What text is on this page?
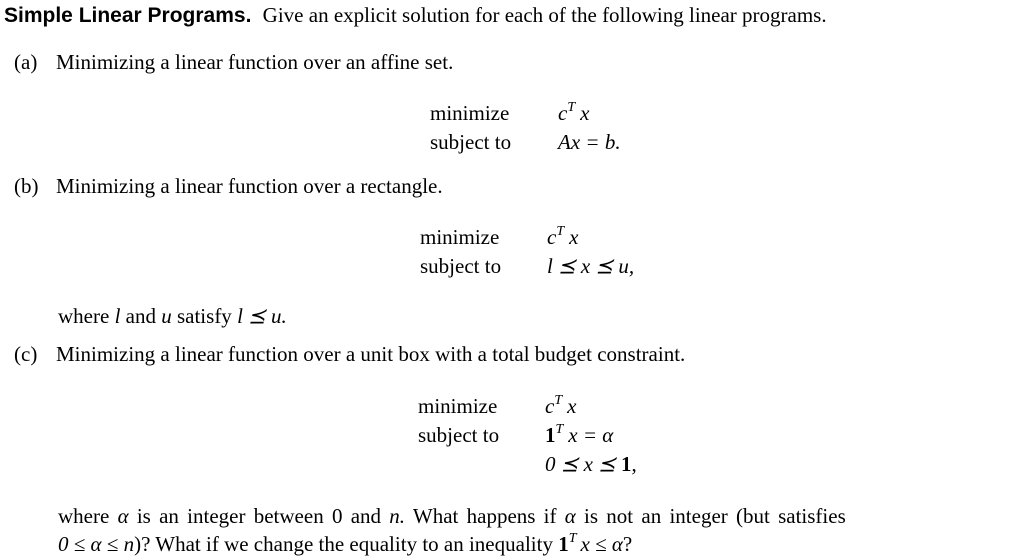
Simple Linear Programs. Give an explicit solution for each of the following linear programs.
(a) Minimizing a linear function over an affine set.
minimize $c^T$ x
subject to Ax = b.
(b) Minimizing a linear function over a rectangle.
minimize $c^T$ x
subject to l ⪯ x ⪯ u,
where l and u satisfy l ⪯ u.
(c) Minimizing a linear function over a unit box with a total budget constraint.
minimize $c^T$ x
subject to $1^T$ x = α
0 ⪯ x ⪯ 1,
where α is an integer between 0 and n. What happens if α is not an integer (but satisfies
0 ≤ α ≤ n)? What if we change the equality to an inequality $1^T$ x ≤ α?
